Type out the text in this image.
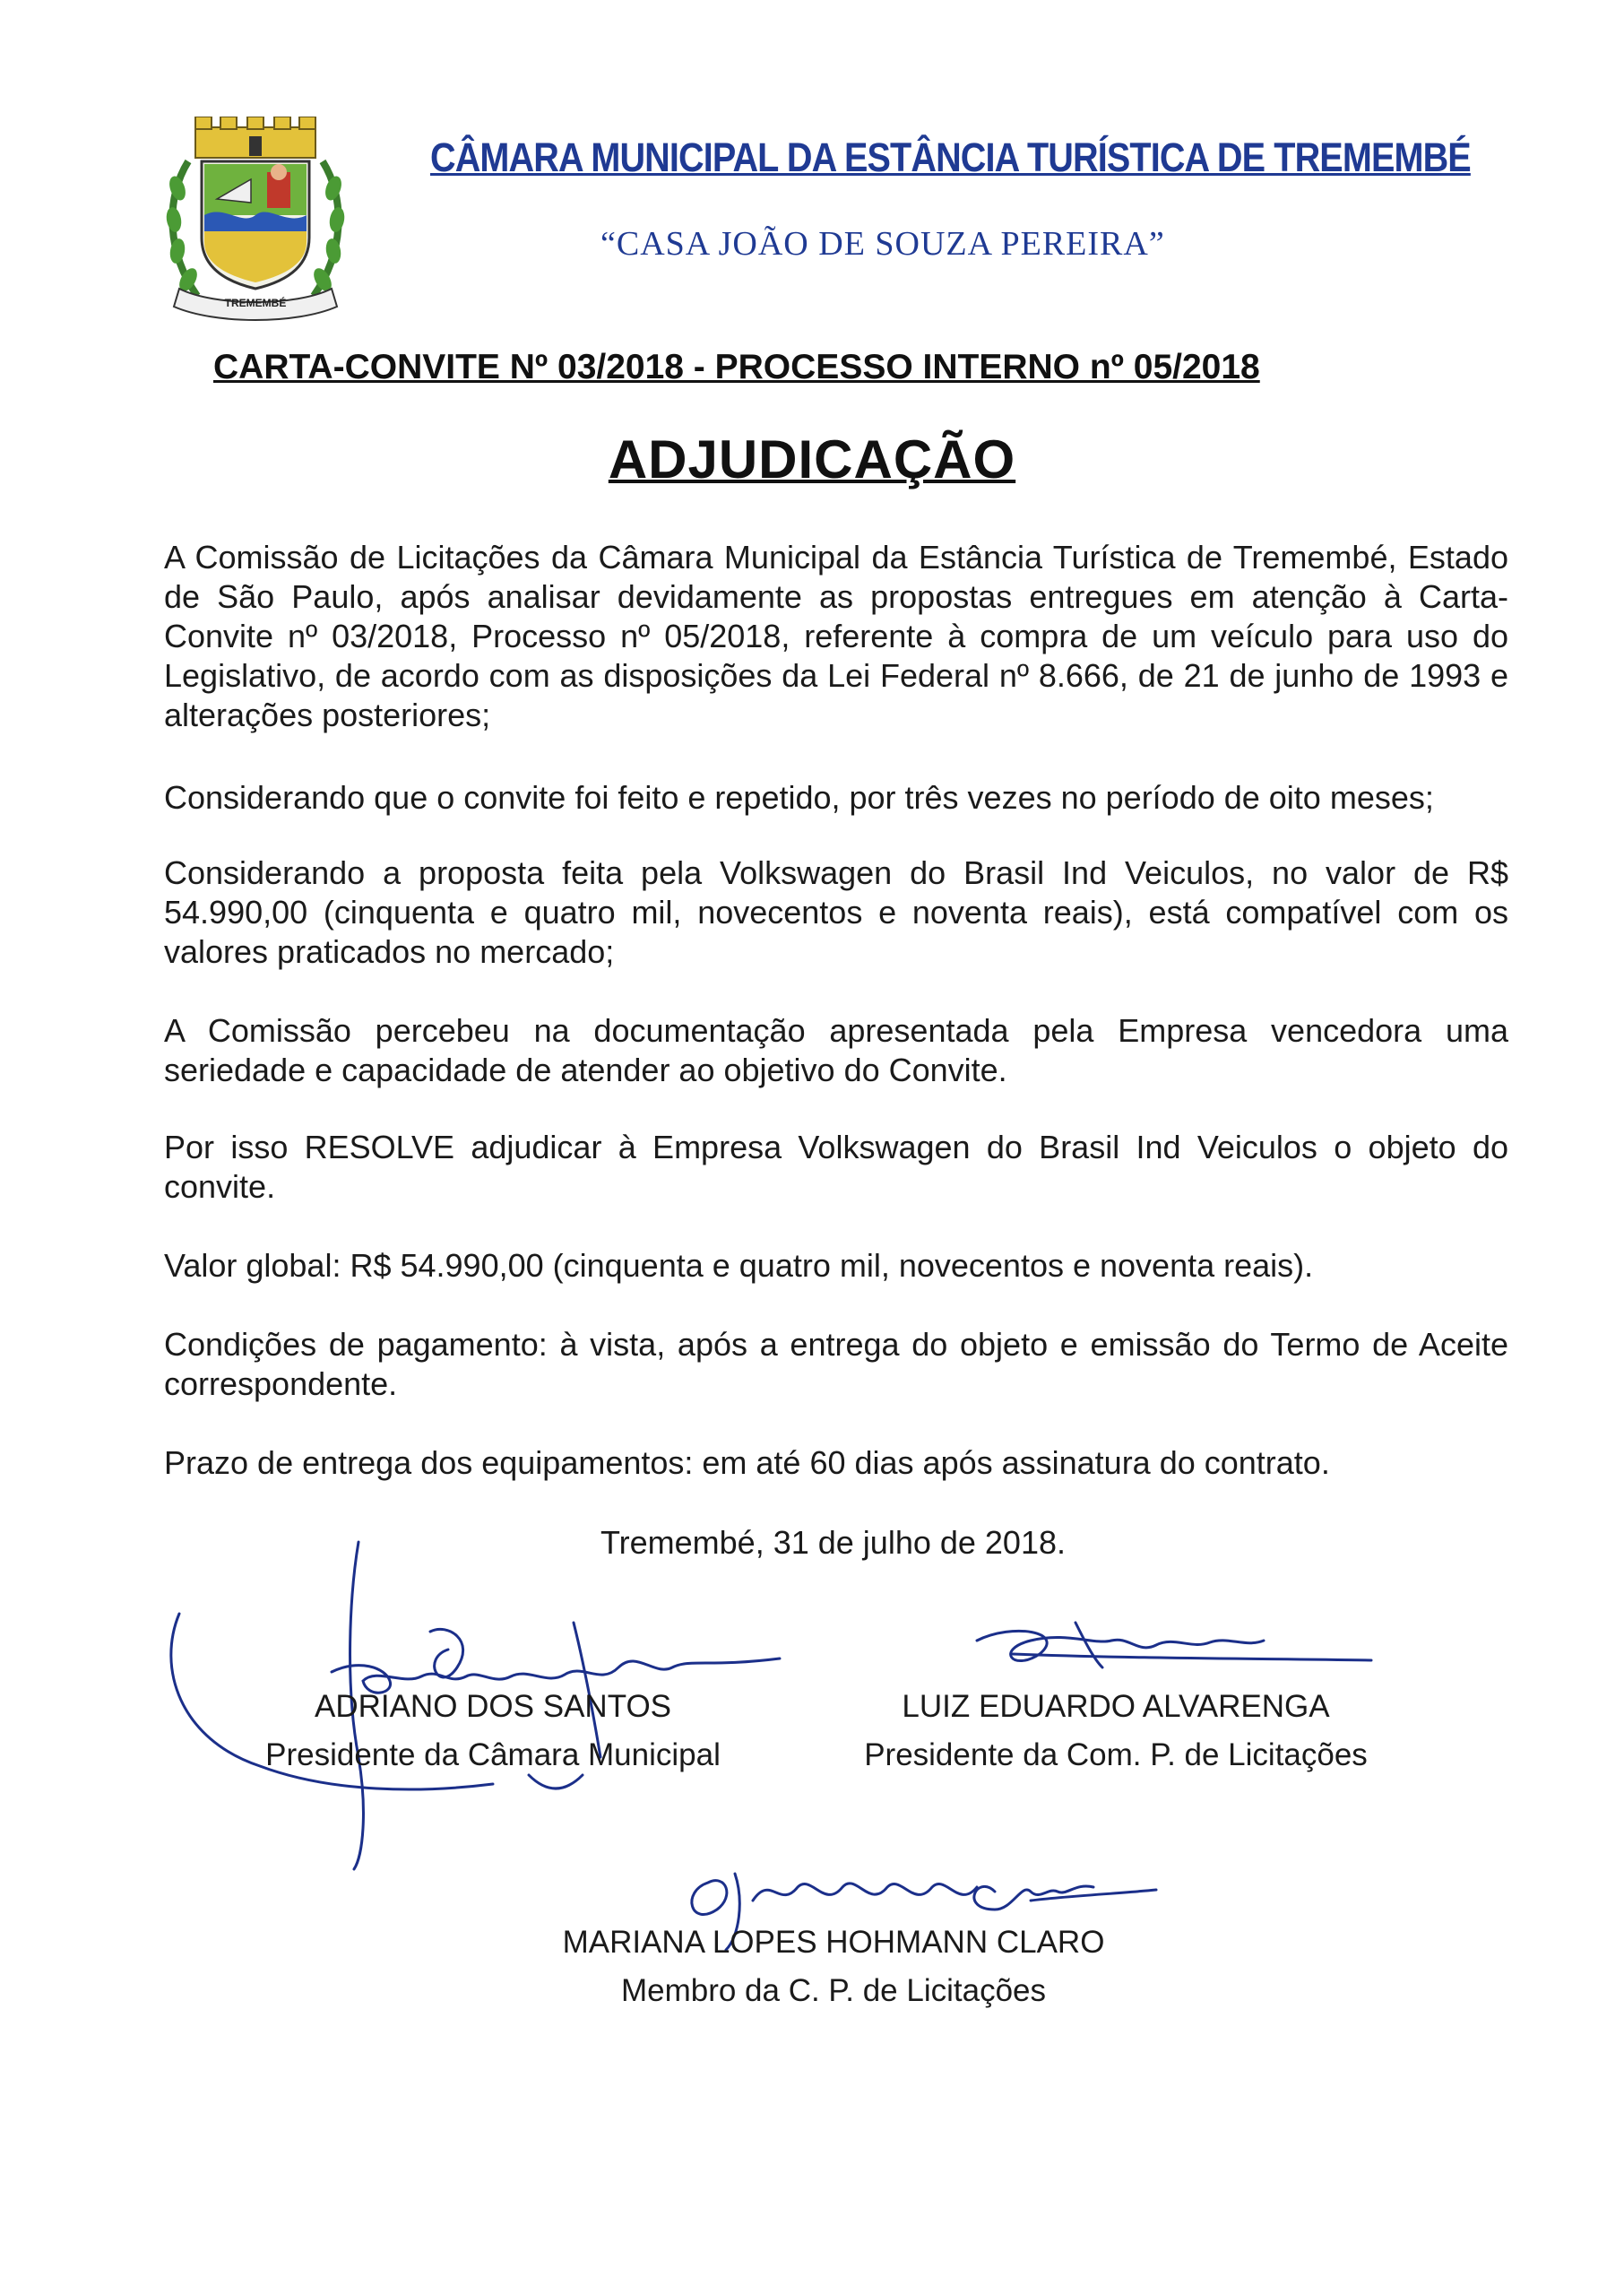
TREMEMBÉ
CÂMARA MUNICIPAL DA ESTÂNCIA TURÍSTICA DE TREMEMBÉ
“CASA JOÃO DE SOUZA PEREIRA”
CARTA-CONVITE Nº 03/2018 - PROCESSO INTERNO nº 05/2018
ADJUDICAÇÃO

A Comissão de Licitações da Câmara Municipal da Estância Turística de Tremembé, Estado de São Paulo, após analisar devidamente as propostas entregues em atenção à Carta-Convite nº 03/2018, Processo nº 05/2018, referente à compra de um veículo para uso do Legislativo, de acordo com as disposições da Lei Federal nº 8.666, de 21 de junho de 1993 e alterações posteriores;

Considerando que o convite foi feito e repetido, por três vezes no período de oito meses;

Considerando a proposta feita pela Volkswagen do Brasil Ind Veiculos, no valor de R$ 54.990,00 (cinquenta e quatro mil, novecentos e noventa reais), está compatível com os valores praticados no mercado;

A Comissão percebeu na documentação apresentada pela Empresa vencedora uma seriedade e capacidade de atender ao objetivo do Convite.

Por isso RESOLVE adjudicar à Empresa Volkswagen do Brasil Ind Veiculos o objeto do convite.

Valor global: R$ 54.990,00 (cinquenta e quatro mil, novecentos e noventa reais).

Condições de pagamento: à vista, após a entrega do objeto e emissão do Termo de Aceite correspondente.

Prazo de entrega dos equipamentos: em até 60 dias após assinatura do contrato.

Tremembé, 31 de julho de 2018.
ADRIANO DOS SANTOS
Presidente da Câmara Municipal
LUIZ EDUARDO ALVARENGA
Presidente da Com. P. de Licitações
MARIANA LOPES HOHMANN CLARO
Membro da C. P. de Licitações
